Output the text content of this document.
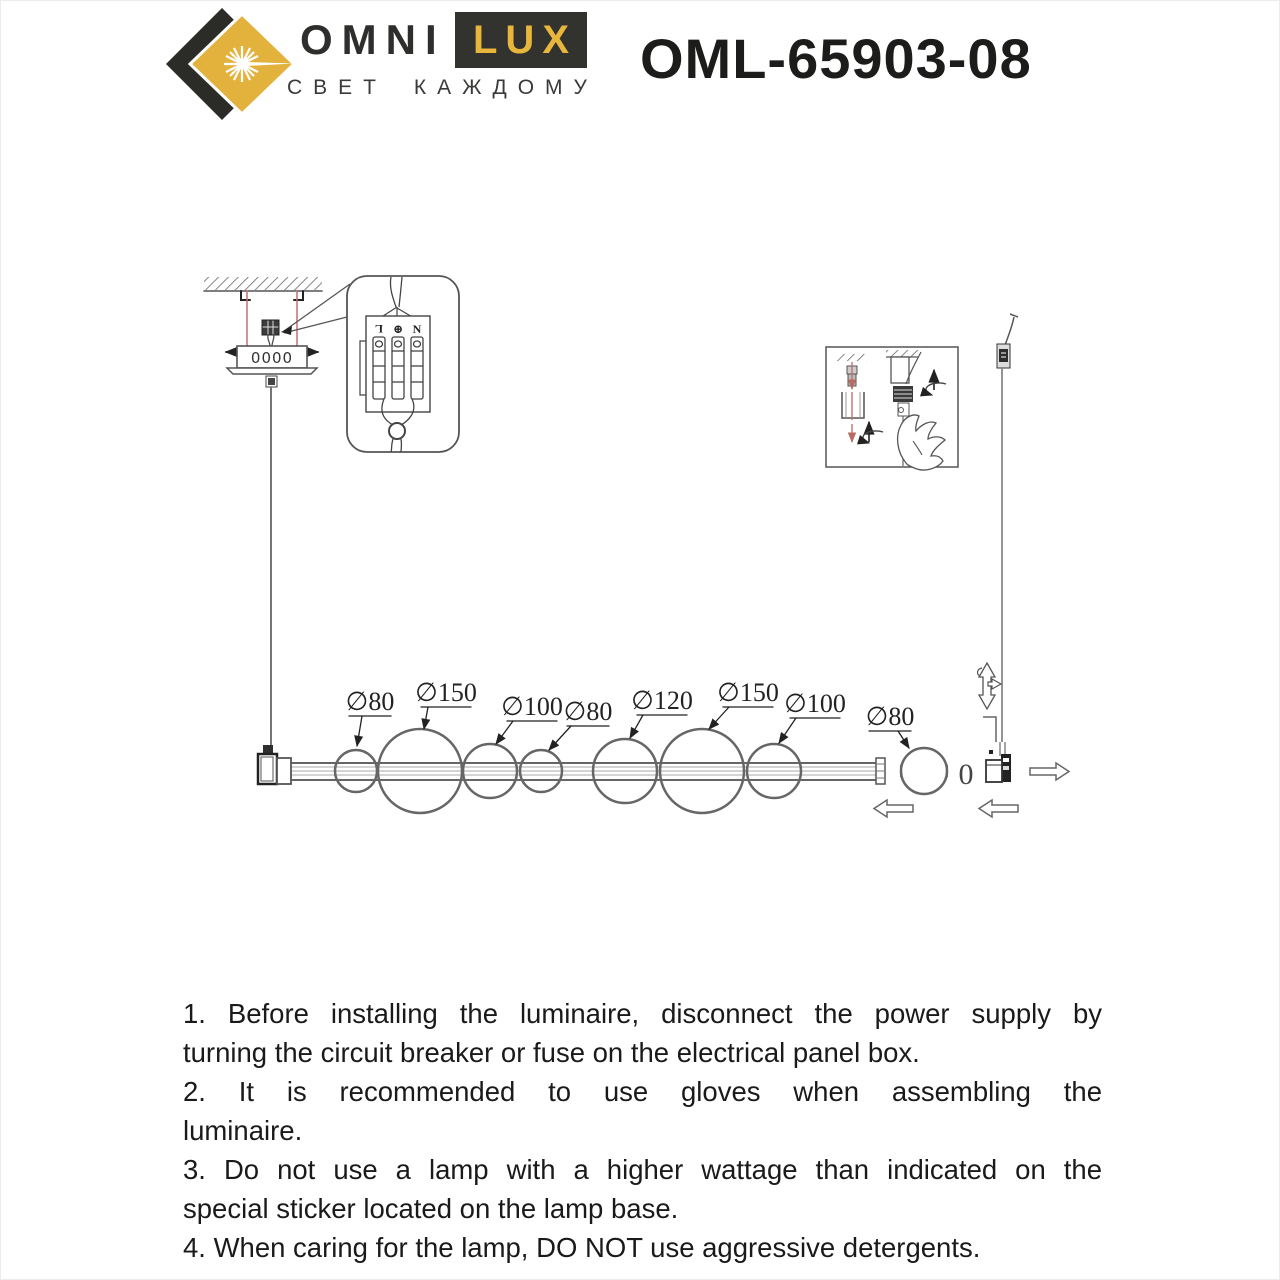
OMNI LUX
СВЕТ КАЖДОМУ OML-65903-08
0000
L ⊕ N
0
∅80 ∅150 ∅100 ∅80 ∅120 ∅150 ∅100 ∅80
1. Before installing the luminaire, disconnect the power supply by
turning the circuit breaker or fuse on the electrical panel box.
2. It is recommended to use gloves when assembling the
luminaire.
3. Do not use a lamp with a higher wattage than indicated on the
special sticker located on the lamp base.
4. When caring for the lamp, DO NOT use aggressive detergents.
